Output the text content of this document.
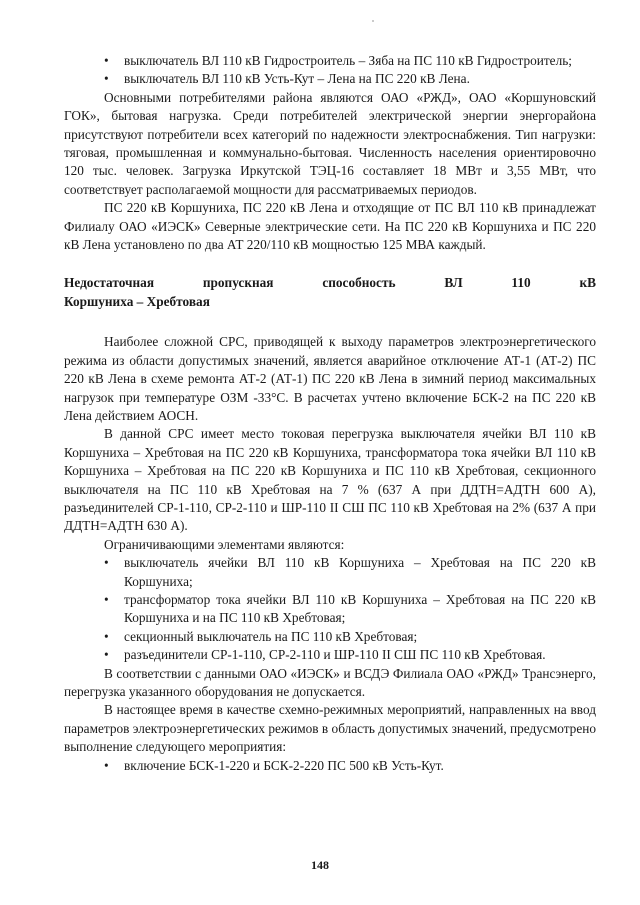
• выключатель ВЛ 110 кВ Гидростроитель – Зяба на ПС 110 кВ Гидростроитель;
• выключатель ВЛ 110 кВ Усть-Кут – Лена на ПС 220 кВ Лена.

Основными потребителями района являются ОАО «РЖД», ОАО «Коршуновский ГОК», бытовая нагрузка. Среди потребителей электрической энергии энергорайона присутствуют потребители всех категорий по надежности электроснабжения. Тип нагрузки: тяговая, промышленная и коммунально-бытовая. Численность населения ориентировочно 120 тыс. человек. Загрузка Иркутской ТЭЦ-16 составляет 18 МВт и 3,55 МВт, что соответствует располагаемой мощности для рассматриваемых периодов.

ПС 220 кВ Коршуниха, ПС 220 кВ Лена и отходящие от ПС ВЛ 110 кВ принадлежат Филиалу ОАО «ИЭСК» Северные электрические сети. На ПС 220 кВ Коршуниха и ПС 220 кВ Лена установлено по два АТ 220/110 кВ мощностью 125 МВА каждый.

Недостаточная	пропускная	способность	ВЛ	110	кВ
Коршуниха – Хребтовая

Наиболее сложной СРС, приводящей к выходу параметров электроэнергетического режима из области допустимых значений, является аварийное отключение АТ-1 (АТ-2) ПС 220 кВ Лена в схеме ремонта АТ-2 (АТ-1) ПС 220 кВ Лена в зимний период максимальных нагрузок при температуре ОЗМ -33°С. В расчетах учтено включение БСК-2 на ПС 220 кВ Лена действием АОСН.

В данной СРС имеет место токовая перегрузка выключателя ячейки ВЛ 110 кВ Коршуниха – Хребтовая на ПС 220 кВ Коршуниха, трансформатора тока ячейки ВЛ 110 кВ Коршуниха – Хребтовая на ПС 220 кВ Коршуниха и ПС 110 кВ Хребтовая, секционного выключателя на ПС 110 кВ Хребтовая на 7 % (637 А при ДДТН=АДТН 600 А), разъединителей СР-1-110, СР-2-110 и ШР-110 II СШ ПС 110 кВ Хребтовая на 2% (637 А при ДДТН=АДТН 630 А).

Ограничивающими элементами являются:

• выключатель ячейки ВЛ 110 кВ Коршуниха – Хребтовая на ПС 220 кВ Коршуниха;
• трансформатор тока ячейки ВЛ 110 кВ Коршуниха – Хребтовая на ПС 220 кВ Коршуниха и на ПС 110 кВ Хребтовая;
• секционный выключатель на ПС 110 кВ Хребтовая;
• разъединители СР-1-110, СР-2-110 и ШР-110 II СШ ПС 110 кВ Хребтовая.

В соответствии с данными ОАО «ИЭСК» и ВСДЭ Филиала ОАО «РЖД» Трансэнерго, перегрузка указанного оборудования не допускается.

В настоящее время в качестве схемно-режимных мероприятий, направленных на ввод параметров электроэнергетических режимов в область допустимых значений, предусмотрено выполнение следующего мероприятия:

• включение БСК-1-220 и БСК-2-220 ПС 500 кВ Усть-Кут.
148
